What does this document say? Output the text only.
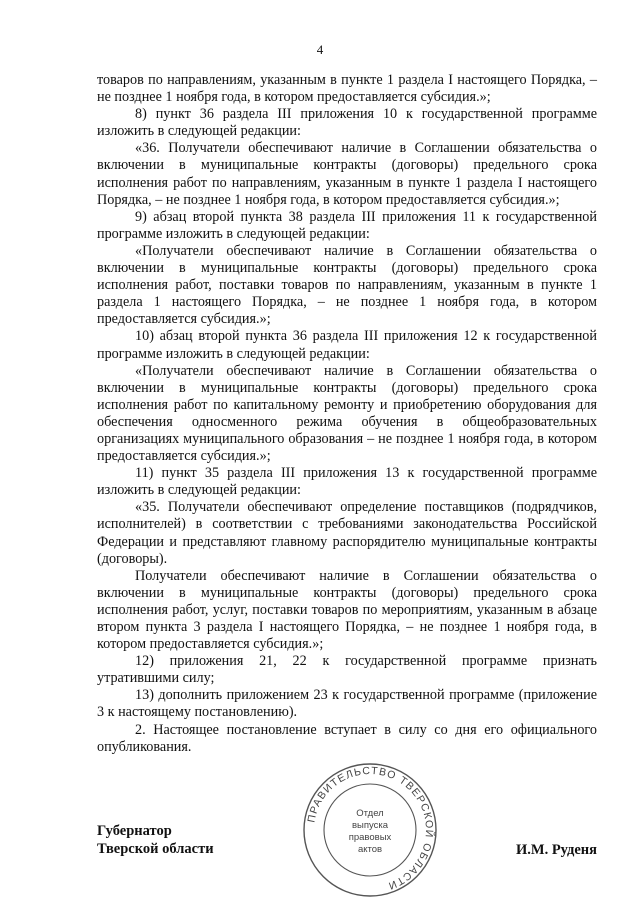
4

товаров по направлениям, указанным в пункте 1 раздела I настоящего Порядка, – не позднее 1 ноября года, в котором предоставляется субсидия.»;

8) пункт 36 раздела III приложения 10 к государственной программе изложить в следующей редакции:

«36. Получатели обеспечивают наличие в Соглашении обязательства о включении в муниципальные контракты (договоры) предельного срока исполнения работ по направлениям, указанным в пункте 1 раздела I настоящего Порядка, – не позднее 1 ноября года, в котором предоставляется субсидия.»;

9) абзац второй пункта 38 раздела III приложения 11 к государственной программе изложить в следующей редакции:

«Получатели обеспечивают наличие в Соглашении обязательства о включении в муниципальные контракты (договоры) предельного срока исполнения работ, поставки товаров по направлениям, указанным в пункте 1 раздела 1 настоящего Порядка, – не позднее 1 ноября года, в котором предоставляется субсидия.»;

10) абзац второй пункта 36 раздела III приложения 12 к государственной программе изложить в следующей редакции:

«Получатели обеспечивают наличие в Соглашении обязательства о включении в муниципальные контракты (договоры) предельного срока исполнения работ по капитальному ремонту и приобретению оборудования для обеспечения односменного режима обучения в общеобразовательных организациях муниципального образования – не позднее 1 ноября года, в котором предоставляется субсидия.»;

11) пункт 35 раздела III приложения 13 к государственной программе изложить в следующей редакции:

«35. Получатели обеспечивают определение поставщиков (подрядчиков, исполнителей) в соответствии с требованиями законодательства Российской Федерации и представляют главному распорядителю муниципальные контракты (договоры).

Получатели обеспечивают наличие в Соглашении обязательства о включении в муниципальные контракты (договоры) предельного срока исполнения работ, услуг, поставки товаров по мероприятиям, указанным в абзаце втором пункта 3 раздела I настоящего Порядка, – не позднее 1 ноября года, в котором предоставляется субсидия.»;

12) приложения 21, 22 к государственной программе признать утратившими силу;

13) дополнить приложением 23 к государственной программе (приложение 3 к настоящему постановлению).

2. Настоящее постановление вступает в силу со дня его официального опубликования.

Губернатор
Тверской области
ПРАВИТЕЛЬСТВО ТВЕРСКОЙ ОБЛАСТИ
Отдел
выпуска
правовых
актов	И.М. Руденя
